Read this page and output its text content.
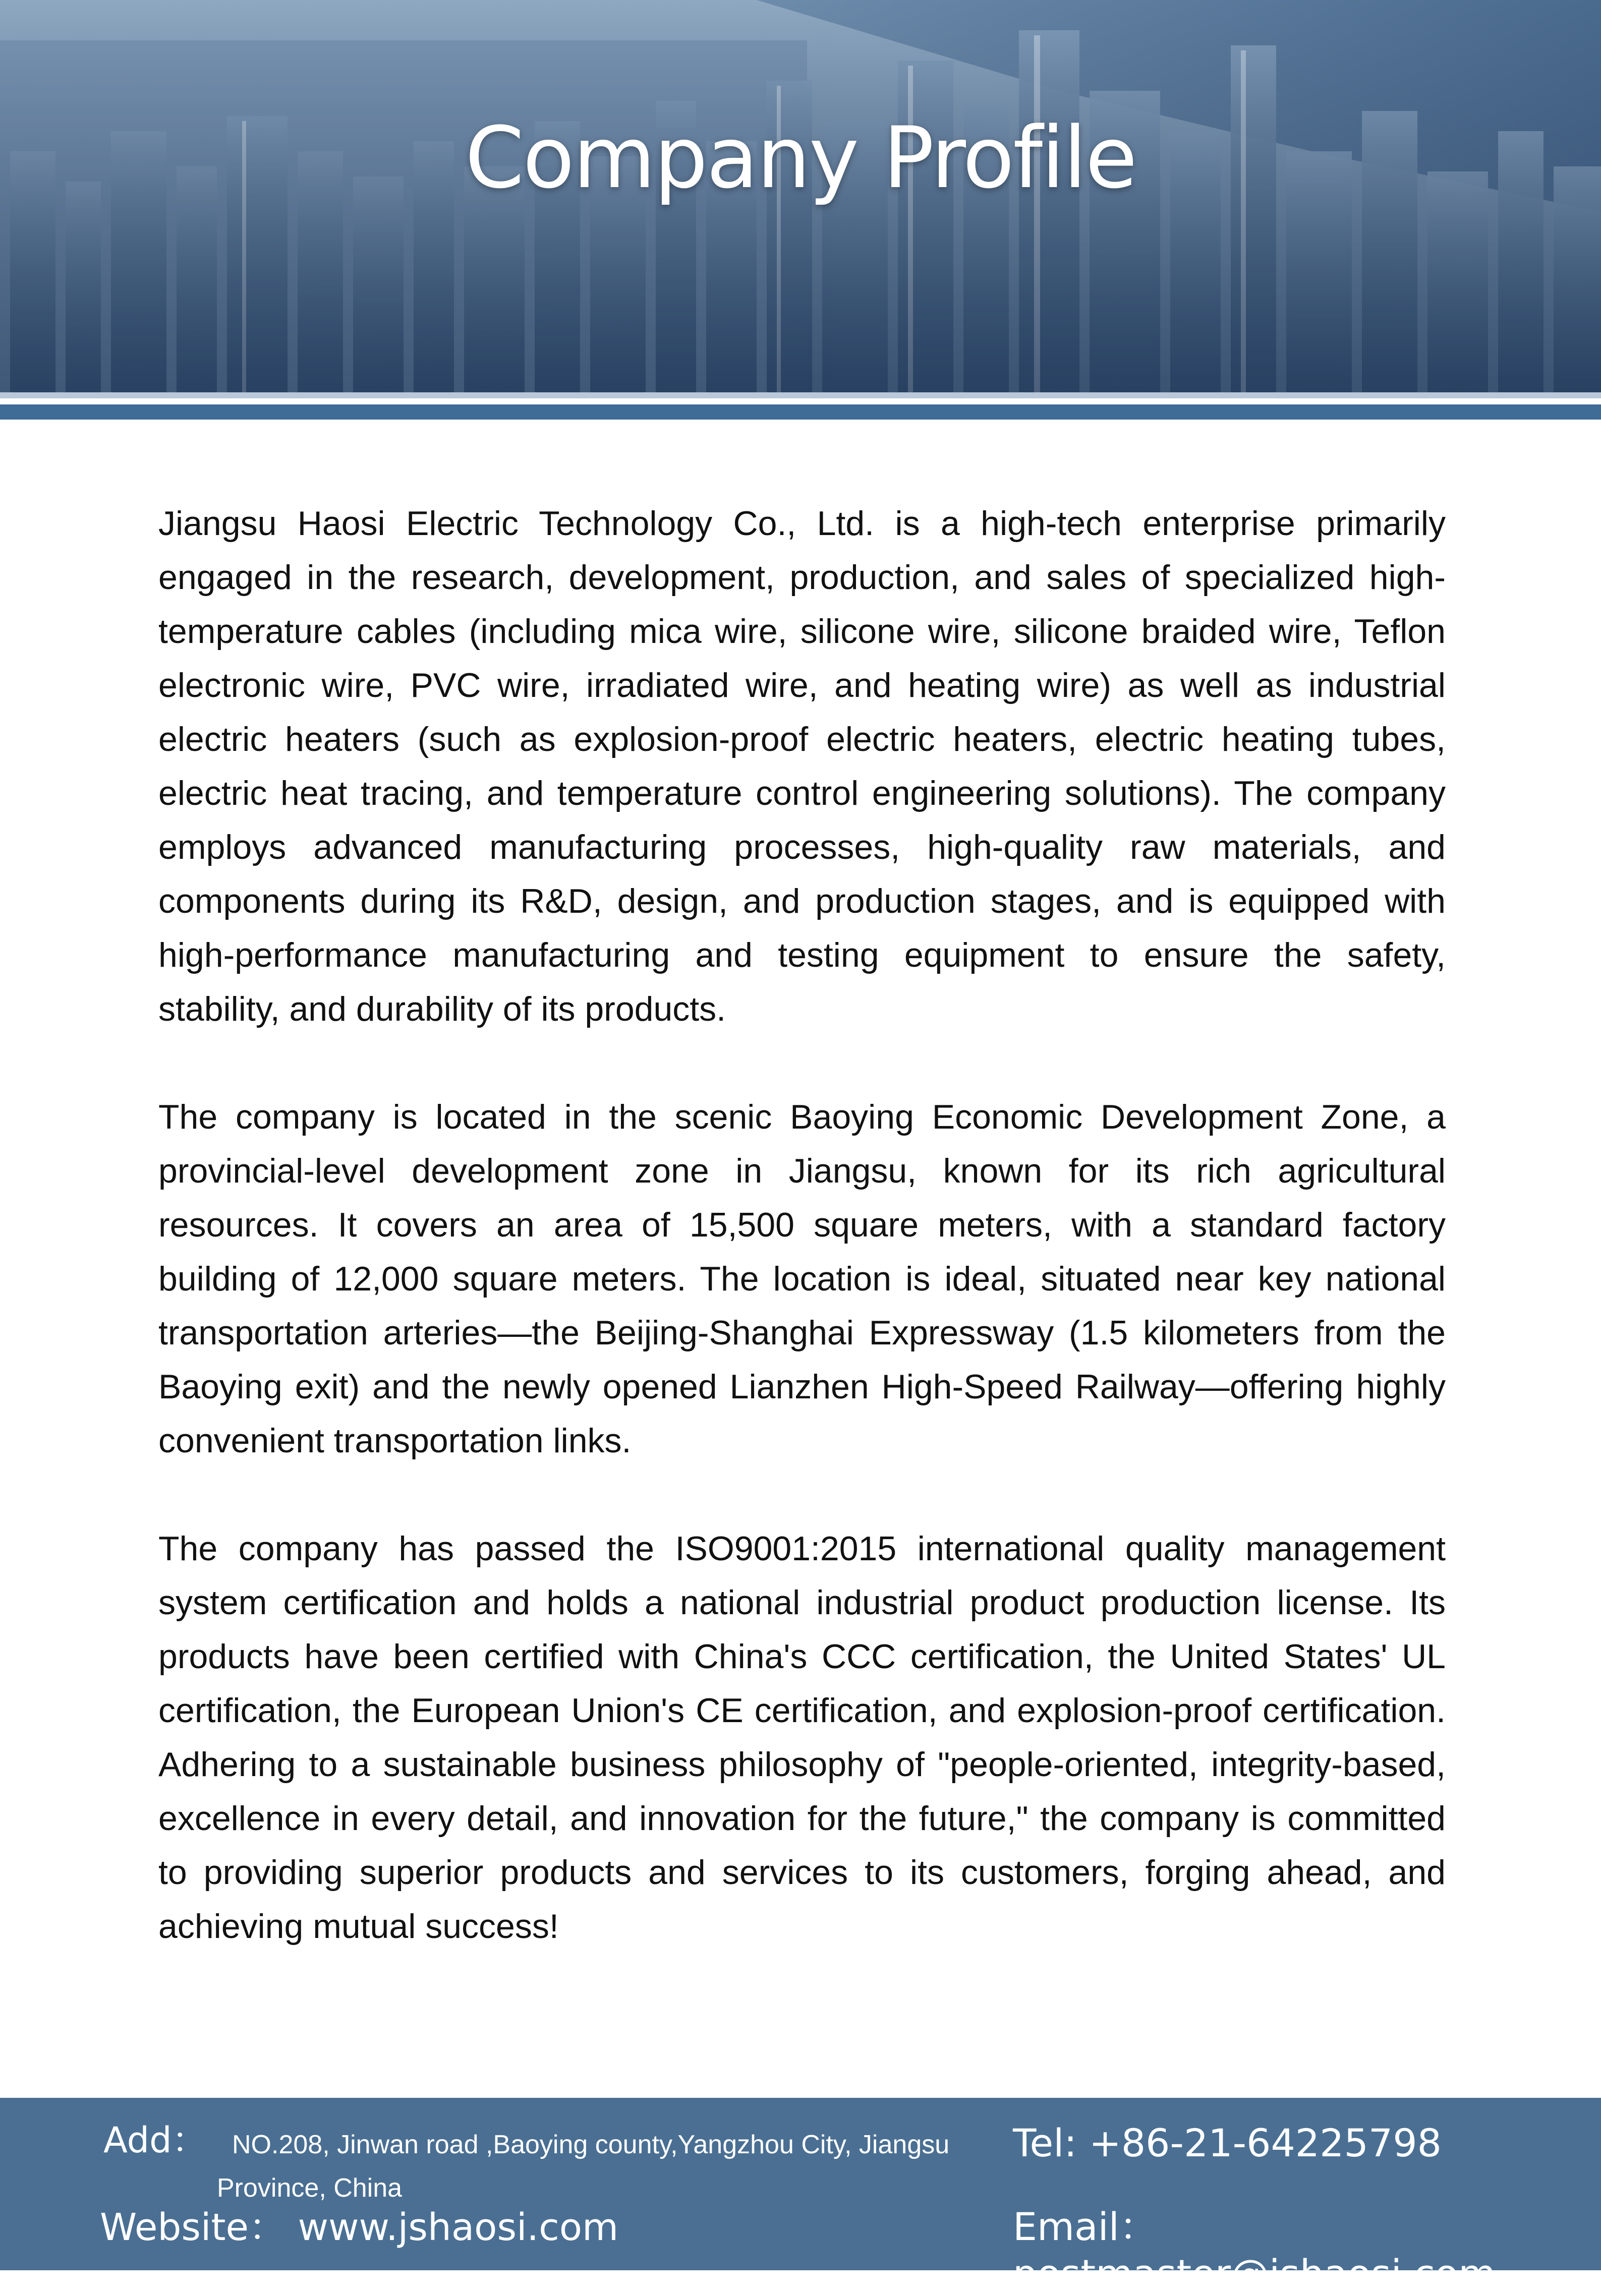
Company Profile

Jiangsu Haosi Electric Technology Co., Ltd. is a high-tech enterprise primarily engaged in the research, development, production, and sales of specialized high-temperature cables (including mica wire, silicone wire, silicone braided wire, Teflon electronic wire, PVC wire, irradiated wire, and heating wire) as well as industrial electric heaters (such as explosion-proof electric heaters, electric heating tubes, electric heat tracing, and temperature control engineering solutions). The company employs advanced manufacturing processes, high-quality raw materials, and components during its R&D, design, and production stages, and is equipped with high-performance manufacturing and testing equipment to ensure the safety, stability, and durability of its products.

The company is located in the scenic Baoying Economic Development Zone, a provincial-level development zone in Jiangsu, known for its rich agricultural resources. It covers an area of 15,500 square meters, with a standard factory building of 12,000 square meters. The location is ideal, situated near key national transportation arteries—the Beijing-Shanghai Expressway (1.5 kilometers from the Baoying exit) and the newly opened Lianzhen High-Speed Railway—offering highly convenient transportation links.

The company has passed the ISO9001:2015 international quality management system certification and holds a national industrial product production license. Its products have been certified with China's CCC certification, the United States' UL certification, the European Union's CE certification, and explosion-proof certification. Adhering to a sustainable business philosophy of "people-oriented, integrity-based, excellence in every detail, and innovation for the future," the company is committed to providing superior products and services to its customers, forging ahead, and achieving mutual success!

Add： NO.208, Jinwan road ,Baoying county,Yangzhou City, Jiangsu Province, China
Website： www.jshaosi.com
Tel: +86-21-64225798
Email：postmaster@jshaosi.com
